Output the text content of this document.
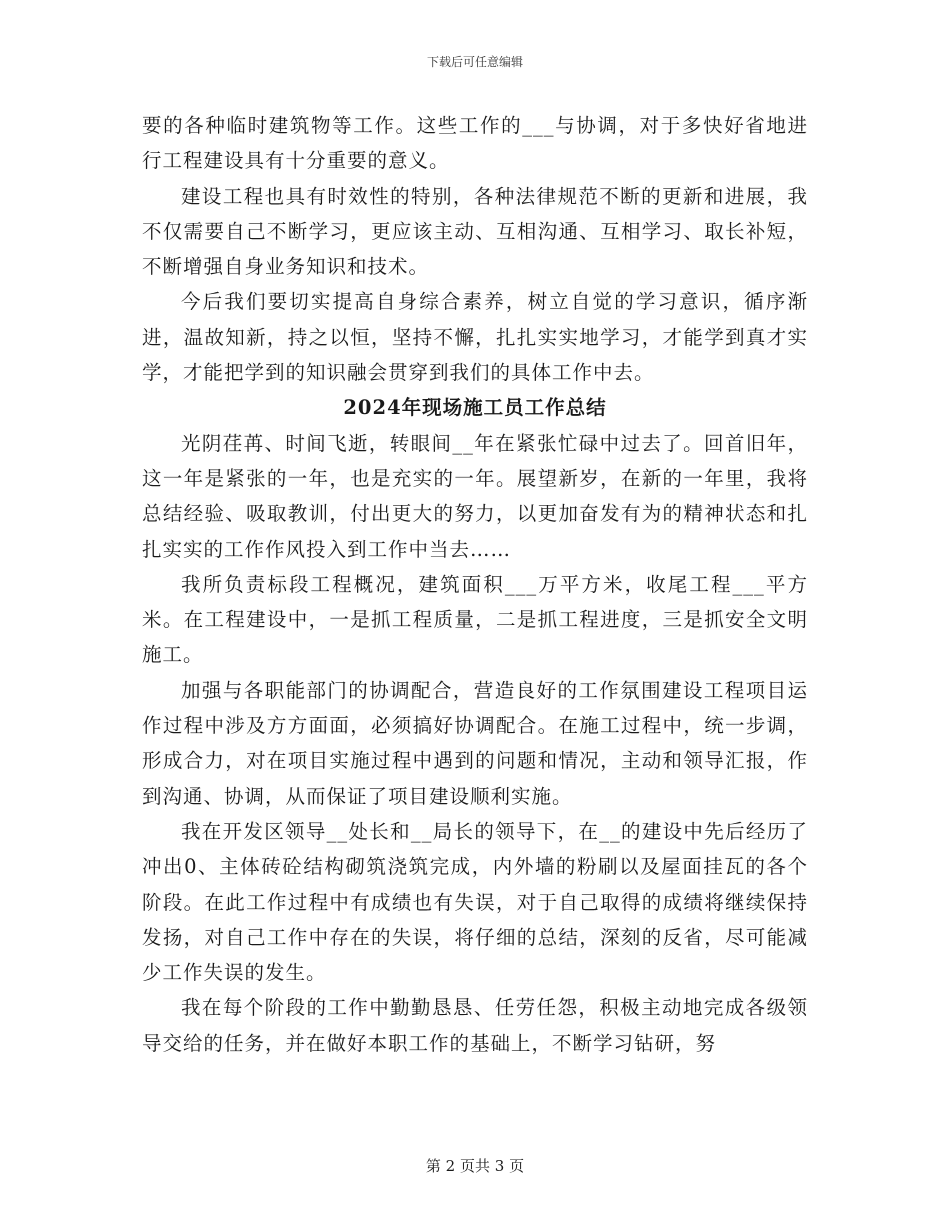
下载后可任意编辑

要的各种临时建筑物等工作。这些工作的___与协调，对于多快好省地进行工程建设具有十分重要的意义。

建设工程也具有时效性的特别，各种法律规范不断的更新和进展，我不仅需要自己不断学习，更应该主动、互相沟通、互相学习、取长补短，不断增强自身业务知识和技术。

今后我们要切实提高自身综合素养，树立自觉的学习意识，循序渐进，温故知新，持之以恒，坚持不懈，扎扎实实地学习，才能学到真才实学，才能把学到的知识融会贯穿到我们的具体工作中去。

2024年现场施工员工作总结

光阴荏苒、时间飞逝，转眼间__年在紧张忙碌中过去了。回首旧年，这一年是紧张的一年，也是充实的一年。展望新岁，在新的一年里，我将总结经验、吸取教训，付出更大的努力，以更加奋发有为的精神状态和扎扎实实的工作作风投入到工作中当去……

我所负责标段工程概况，建筑面积___万平方米，收尾工程___平方米。在工程建设中，一是抓工程质量，二是抓工程进度，三是抓安全文明施工。

加强与各职能部门的协调配合，营造良好的工作氛围建设工程项目运作过程中涉及方方面面，必须搞好协调配合。在施工过程中，统一步调，形成合力，对在项目实施过程中遇到的问题和情况，主动和领导汇报，作到沟通、协调，从而保证了项目建设顺利实施。

我在开发区领导__处长和__局长的领导下，在__的建设中先后经历了冲出0、主体砖砼结构砌筑浇筑完成，内外墙的粉刷以及屋面挂瓦的各个阶段。在此工作过程中有成绩也有失误，对于自己取得的成绩将继续保持发扬，对自己工作中存在的失误，将仔细的总结，深刻的反省，尽可能减少工作失误的发生。

我在每个阶段的工作中勤勤恳恳、任劳任怨，积极主动地完成各级领导交给的任务，并在做好本职工作的基础上，不断学习钻研，努

第 2 页共 3 页
